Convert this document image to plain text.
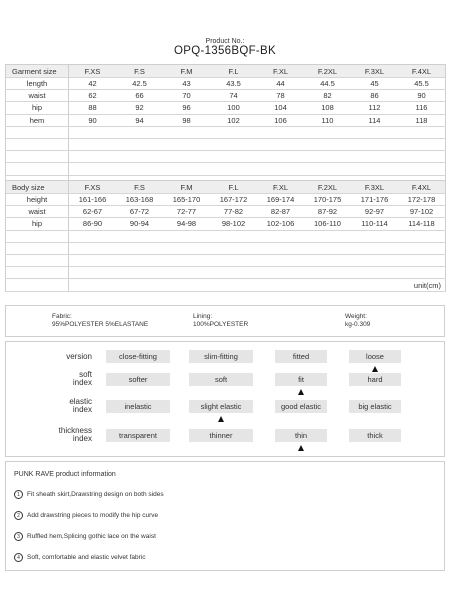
Product No.:
OPQ-1356BQF-BK
Garment size	F.XS	F.S	F.M	F.L	F.XL	F.2XL	F.3XL	F.4XL
length	42	42.5	43	43.5	44	44.5	45	45.5
waist	62	66	70	74	78	82	86	90
hip	88	92	96	100	104	108	112	116
hem	90	94	98	102	106	110	114	118
Body size	F.XS	F.S	F.M	F.L	F.XL	F.2XL	F.3XL	F.4XL
height	161-166	163-168	165-170	167-172	169-174	170-175	171-176	172-178
waist	62-67	67-72	72-77	77-82	82-87	87-92	92-97	97-102
hip	86-90	90-94	94-98	98-102	102-106	106-110	110-114	114-118
unit(cm)
Fabric:
95%POLYESTER 5%ELASTANE
Lining:
100%POLYESTER
Weight:
kg-0.309
version	close-fitting	slim-fitting	fitted	loose
soft
index	softer	soft	fit	hard
elastic
index	inelastic	slight elastic	good elastic	big elastic
thickness
index	transparent	thinner	thin	thick
PUNK RAVE product information
1	Fit sheath skirt,Drawstring design on both sides
2	Add drawstring pieces to modify the hip curve
3	Ruffled hem,Splicing gothic lace on the waist
4	Soft, comfortable and elastic velvet fabric
